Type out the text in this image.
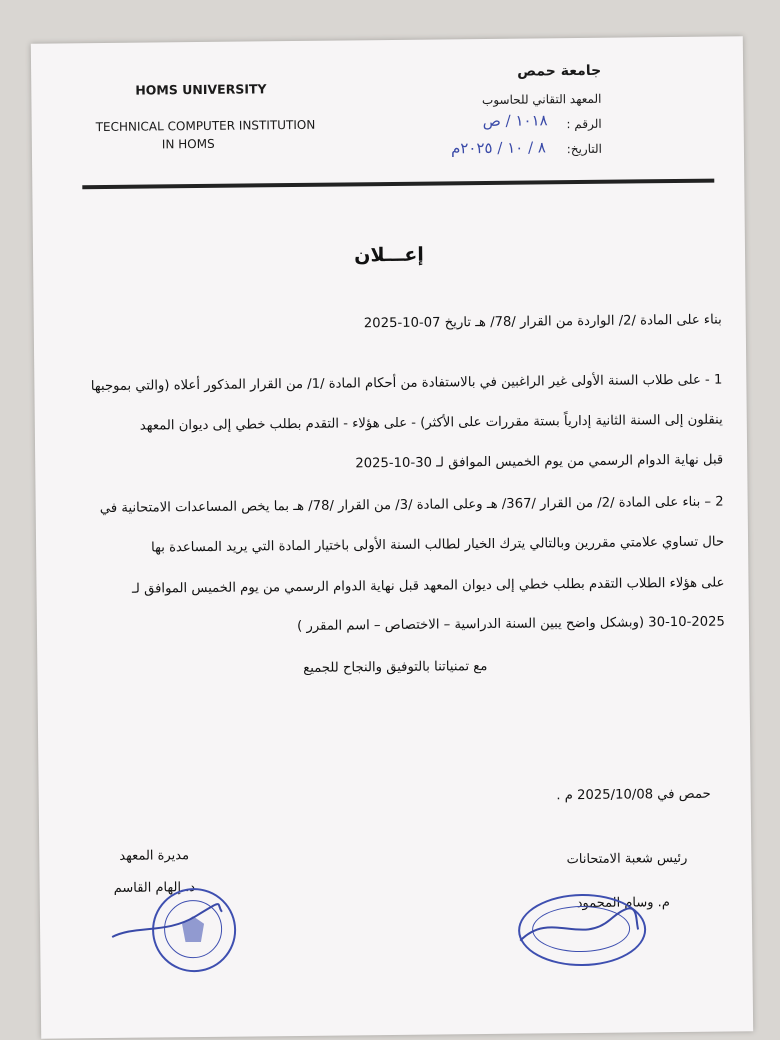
HOMS UNIVERSITY
TECHNICAL COMPUTER INSTITUTION
IN HOMS
جامعة حمص
المعهد التقاني للحاسوب
الرقم :
١٠١٨ / ص
التاريخ:
٨ / ١٠ / ٢٠٢٥م
إعـــلان
بناء على المادة /2/ الواردة من القرار /78/ هـ تاريخ 07-10-2025
1 - على طلاب السنة الأولى غير الراغبين في بالاستفادة من أحكام المادة /1/ من القرار المذكور أعلاه (والتي بموجبها
ينقلون إلى السنة الثانية إدارياً بستة مقررات على الأكثر) - على هؤلاء - التقدم بطلب خطي إلى ديوان المعهد
قبل نهاية الدوام الرسمي من يوم الخميس الموافق لـ 30-10-2025
2 – بناء على المادة /2/ من القرار /367/ هـ وعلى المادة /3/ من القرار /78/ هـ بما يخص المساعدات الامتحانية في
حال تساوي علامتي مقررين وبالتالي يترك الخيار لطالب السنة الأولى باختيار المادة التي يريد المساعدة بها
على هؤلاء الطلاب التقدم بطلب خطي إلى ديوان المعهد قبل نهاية الدوام الرسمي من يوم الخميس الموافق لـ
30-10-2025 (وبشكل واضح يبين السنة الدراسية – الاختصاص – اسم المقرر )
مع تمنياتنا بالتوفيق والنجاح للجميع
حمص في 2025/10/08 م .
رئيس شعبة الامتحانات
م. وسام المحمود
مديرة المعهد
د. إلهام القاسم
